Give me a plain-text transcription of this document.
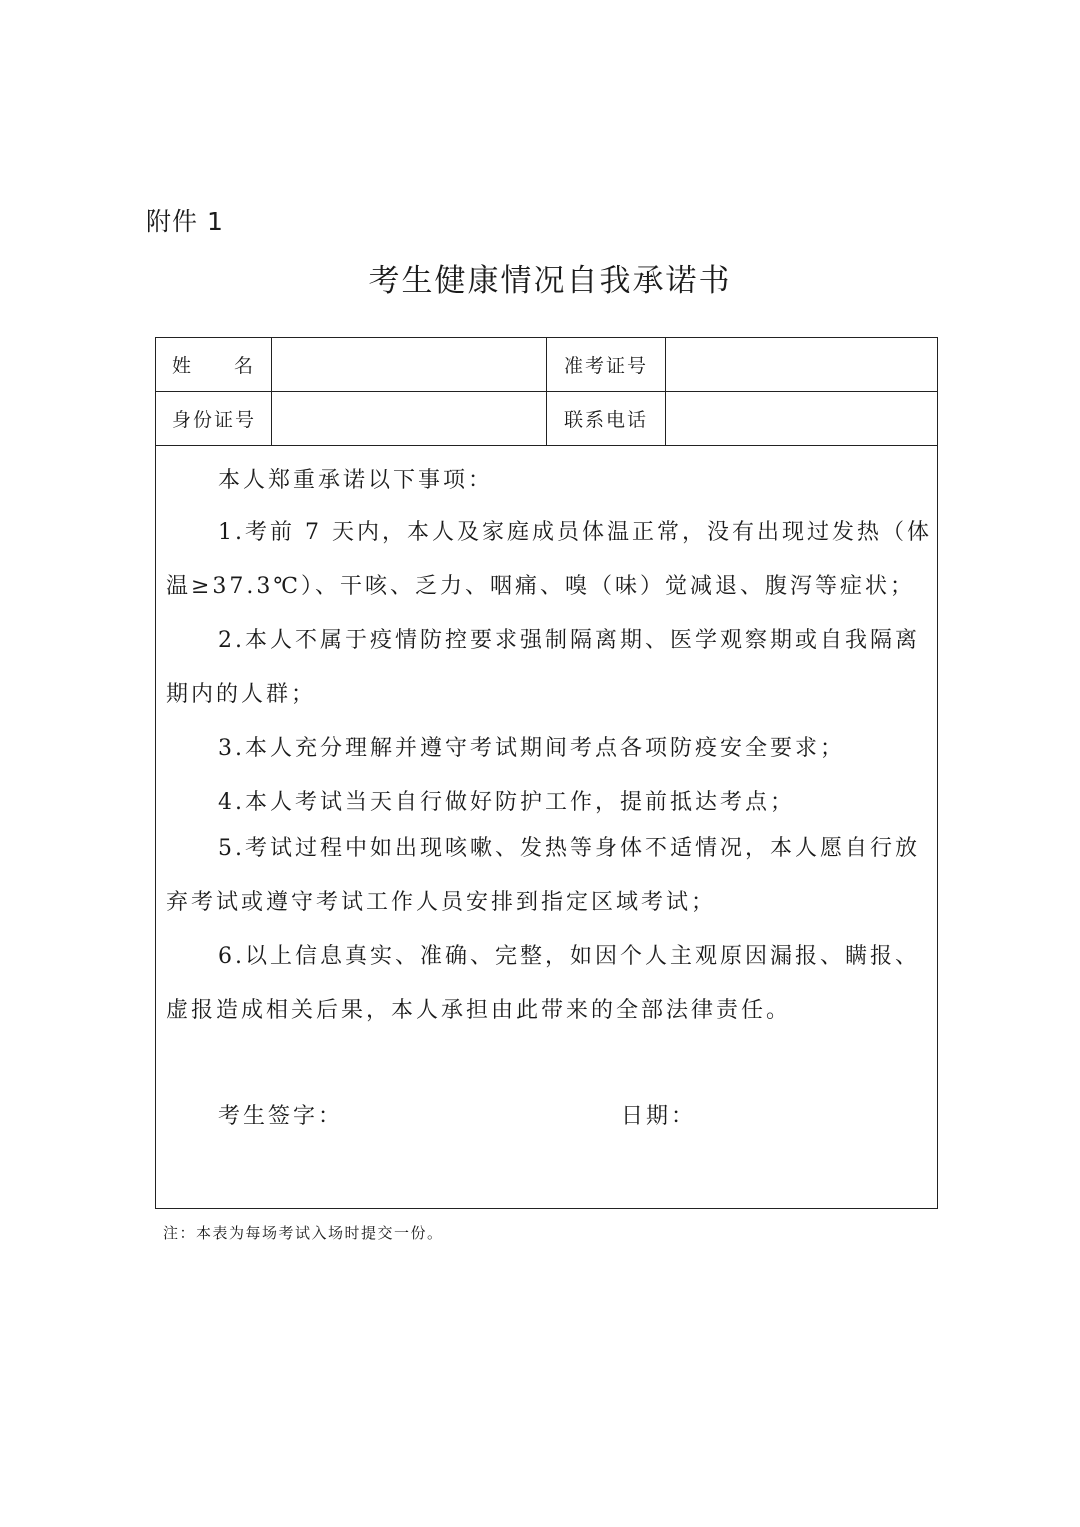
附件 1
考生健康情况自我承诺书
姓 名	准考证号
身份证号	联系电话
本人郑重承诺以下事项：
1.考前 7 天内，本人及家庭成员体温正常，没有出现过发热（体
温≥37.3℃）、干咳、乏力、咽痛、嗅（味）觉减退、腹泻等症状；
2.本人不属于疫情防控要求强制隔离期、医学观察期或自我隔离
期内的人群；
3.本人充分理解并遵守考试期间考点各项防疫安全要求；
4.本人考试当天自行做好防护工作，提前抵达考点；
5.考试过程中如出现咳嗽、发热等身体不适情况，本人愿自行放
弃考试或遵守考试工作人员安排到指定区域考试；
6.以上信息真实、准确、完整，如因个人主观原因漏报、瞒报、
虚报造成相关后果，本人承担由此带来的全部法律责任。
考生签字：	日期：
注：本表为每场考试入场时提交一份。
